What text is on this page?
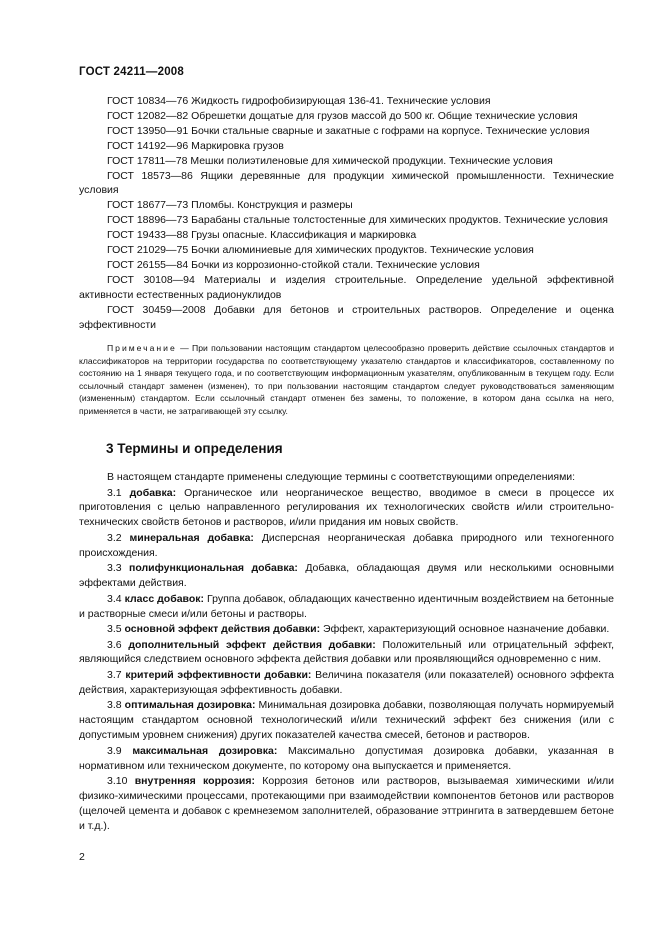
ГОСТ 24211—2008

ГОСТ 10834—76 Жидкость гидрофобизирующая 136-41. Технические условия

ГОСТ 12082—82 Обрешетки дощатые для грузов массой до 500 кг. Общие технические условия

ГОСТ 13950—91 Бочки стальные сварные и закатные с гофрами на корпусе. Технические условия

ГОСТ 14192—96 Маркировка грузов

ГОСТ 17811—78 Мешки полиэтиленовые для химической продукции. Технические условия

ГОСТ 18573—86 Ящики деревянные для продукции химической промышленности. Технические условия

ГОСТ 18677—73 Пломбы. Конструкция и размеры

ГОСТ 18896—73 Барабаны стальные толстостенные для химических продуктов. Технические условия

ГОСТ 19433—88 Грузы опасные. Классификация и маркировка

ГОСТ 21029—75 Бочки алюминиевые для химических продуктов. Технические условия

ГОСТ 26155—84 Бочки из коррозионно-стойкой стали. Технические условия

ГОСТ 30108—94 Материалы и изделия строительные. Определение удельной эффективной активности естественных радионуклидов

ГОСТ 30459—2008 Добавки для бетонов и строительных растворов. Определение и оценка эффективности

Примечание — При пользовании настоящим стандартом целесообразно проверить действие ссылочных стандартов и классификаторов на территории государства по соответствующему указателю стандартов и классификаторов, составленному по состоянию на 1 января текущего года, и по соответствующим информационным указателям, опубликованным в текущем году. Если ссылочный стандарт заменен (изменен), то при пользовании настоящим стандартом следует руководствоваться заменяющим (измененным) стандартом. Если ссылочный стандарт отменен без замены, то положение, в котором дана ссылка на него, применяется в части, не затрагивающей эту ссылку.

3 Термины и определения

В настоящем стандарте применены следующие термины с соответствующими определениями:

3.1 добавка: Органическое или неорганическое вещество, вводимое в смеси в процессе их приготовления с целью направленного регулирования их технологических свойств и/или строительно-технических свойств бетонов и растворов, и/или придания им новых свойств.

3.2 минеральная добавка: Дисперсная неорганическая добавка природного или техногенного происхождения.

3.3 полифункциональная добавка: Добавка, обладающая двумя или несколькими основными эффектами действия.

3.4 класс добавок: Группа добавок, обладающих качественно идентичным воздействием на бетонные и растворные смеси и/или бетоны и растворы.

3.5 основной эффект действия добавки: Эффект, характеризующий основное назначение добавки.

3.6 дополнительный эффект действия добавки: Положительный или отрицательный эффект, являющийся следствием основного эффекта действия добавки или проявляющийся одновременно с ним.

3.7 критерий эффективности добавки: Величина показателя (или показателей) основного эффекта действия, характеризующая эффективность добавки.

3.8 оптимальная дозировка: Минимальная дозировка добавки, позволяющая получать нормируемый настоящим стандартом основной технологический и/или технический эффект без снижения (или с допустимым уровнем снижения) других показателей качества смесей, бетонов и растворов.

3.9 максимальная дозировка: Максимально допустимая дозировка добавки, указанная в нормативном или техническом документе, по которому она выпускается и применяется.

3.10 внутренняя коррозия: Коррозия бетонов или растворов, вызываемая химическими и/или физико-химическими процессами, протекающими при взаимодействии компонентов бетонов или растворов (щелочей цемента и добавок с кремнеземом заполнителей, образование эттрингита в затвердевшем бетоне и т.д.).

2
